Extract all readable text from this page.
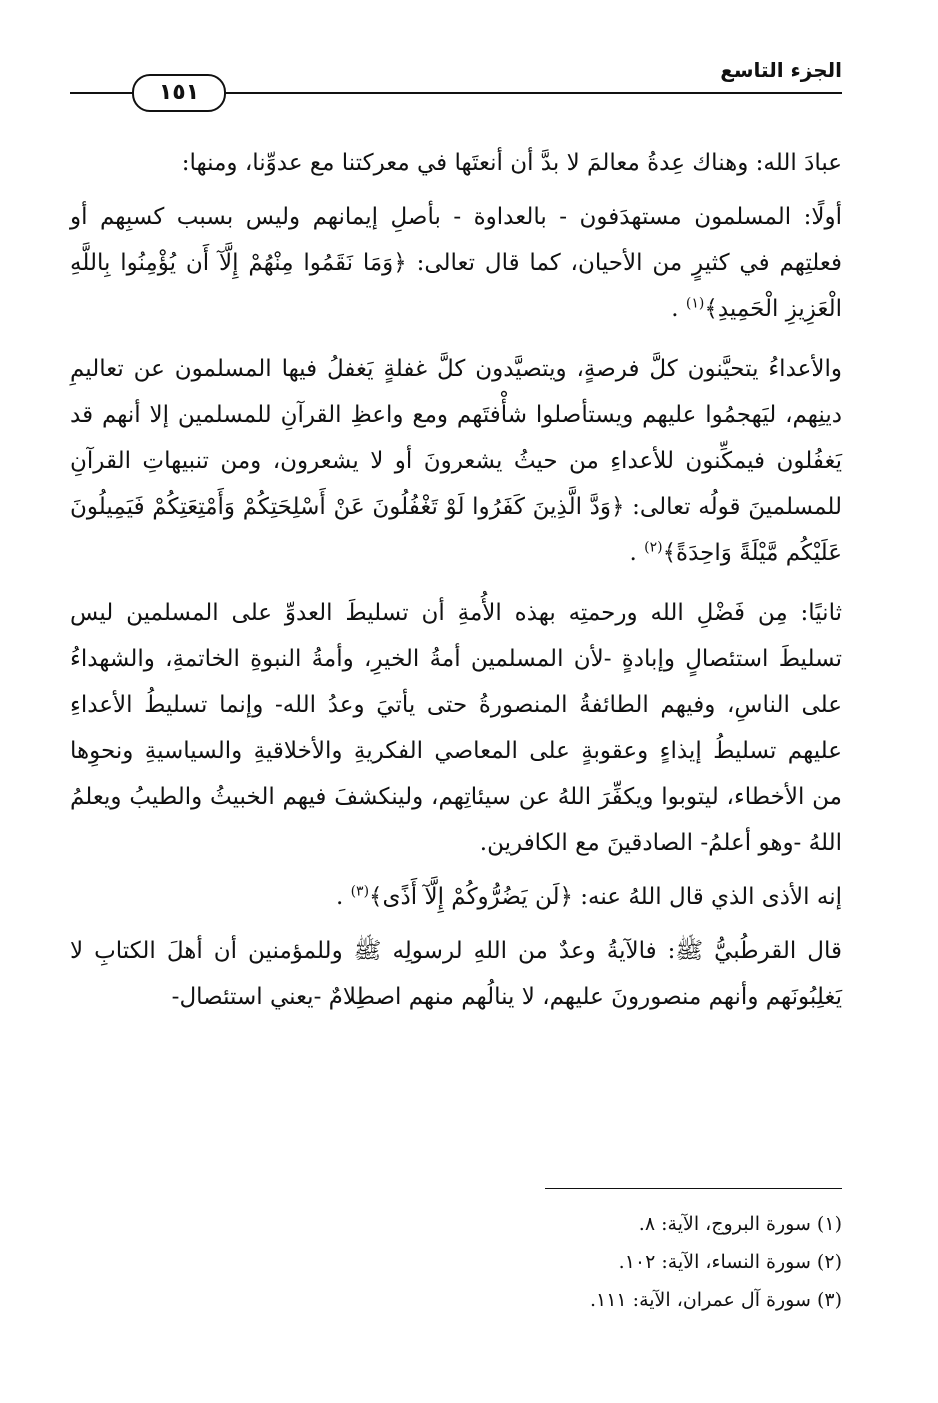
الجزء التاسع
١٥١

عبادَ الله: وهناك عِدةُ معالمَ لا بدَّ أن أنعتَها في معركتنا مع عدوِّنا، ومنها:

أولًا: المسلمون مستهدَفون - بالعداوة - بأصلِ إيمانهم وليس بسبب كسبِهم أو فعلتِهم في كثيرٍ من الأحيان، كما قال تعالى: ﴿وَمَا نَقَمُوا مِنْهُمْ إِلَّآ أَن يُؤْمِنُوا بِاللَّهِ الْعَزِيزِ الْحَمِيدِ﴾$^{(١)}$ .

والأعداءُ يتحيَّنون كلَّ فرصةٍ، ويتصيَّدون كلَّ غفلةٍ يَغفلُ فيها المسلمون عن تعاليمِ دينِهم، ليَهجمُوا عليهم ويستأصلوا شأْفتَهم ومع واعظِ القرآنِ للمسلمين إلا أنهم قد يَغفُلون فيمكِّنون للأعداءِ من حيثُ يشعرونَ أو لا يشعرون، ومن تنبيهاتِ القرآنِ للمسلمينَ قولُه تعالى: ﴿وَدَّ الَّذِينَ كَفَرُوا لَوْ تَغْفُلُونَ عَنْ أَسْلِحَتِكُمْ وَأَمْتِعَتِكُمْ فَيَمِيلُونَ عَلَيْكُم مَّيْلَةً وَاحِدَةً﴾$^{(٢)}$ .

ثانيًا: مِن فَضْلِ الله ورحمتِه بهذه الأُمةِ أن تسليطَ العدوِّ على المسلمين ليس تسليطَ استئصالٍ وإبادةٍ -لأن المسلمين أمةُ الخيرِ، وأمةُ النبوةِ الخاتمةِ، والشهداءُ على الناسِ، وفيهم الطائفةُ المنصورةُ حتى يأتيَ وعدُ الله- وإنما تسليطُ الأعداءِ عليهم تسليطُ إيذاءٍ وعقوبةٍ على المعاصي الفكريةِ والأخلاقيةِ والسياسيةِ ونحوِها من الأخطاء، ليتوبوا ويكفِّرَ اللهُ عن سيئاتِهم، ولينكشفَ فيهم الخبيثُ والطيبُ ويعلمُ اللهُ -وهو أعلمُ- الصادقينَ مع الكافرين.

إنه الأذى الذي قال اللهُ عنه: ﴿لَن يَضُرُّوكُمْ إِلَّآ أَذًى﴾$^{(٣)}$ .

قال القرطُبيُّ ﷺ: فالآيةُ وعدٌ من اللهِ لرسولِه ﷺ وللمؤمنين أن أهلَ الكتابِ لا يَغلِبُونَهم وأنهم منصورونَ عليهم، لا ينالُهم منهم اصطِلامٌ -يعني استئصال-

(١) سورة البروج، الآية: ٨.
(٢) سورة النساء، الآية: ١٠٢.
(٣) سورة آل عمران، الآية: ١١١.
